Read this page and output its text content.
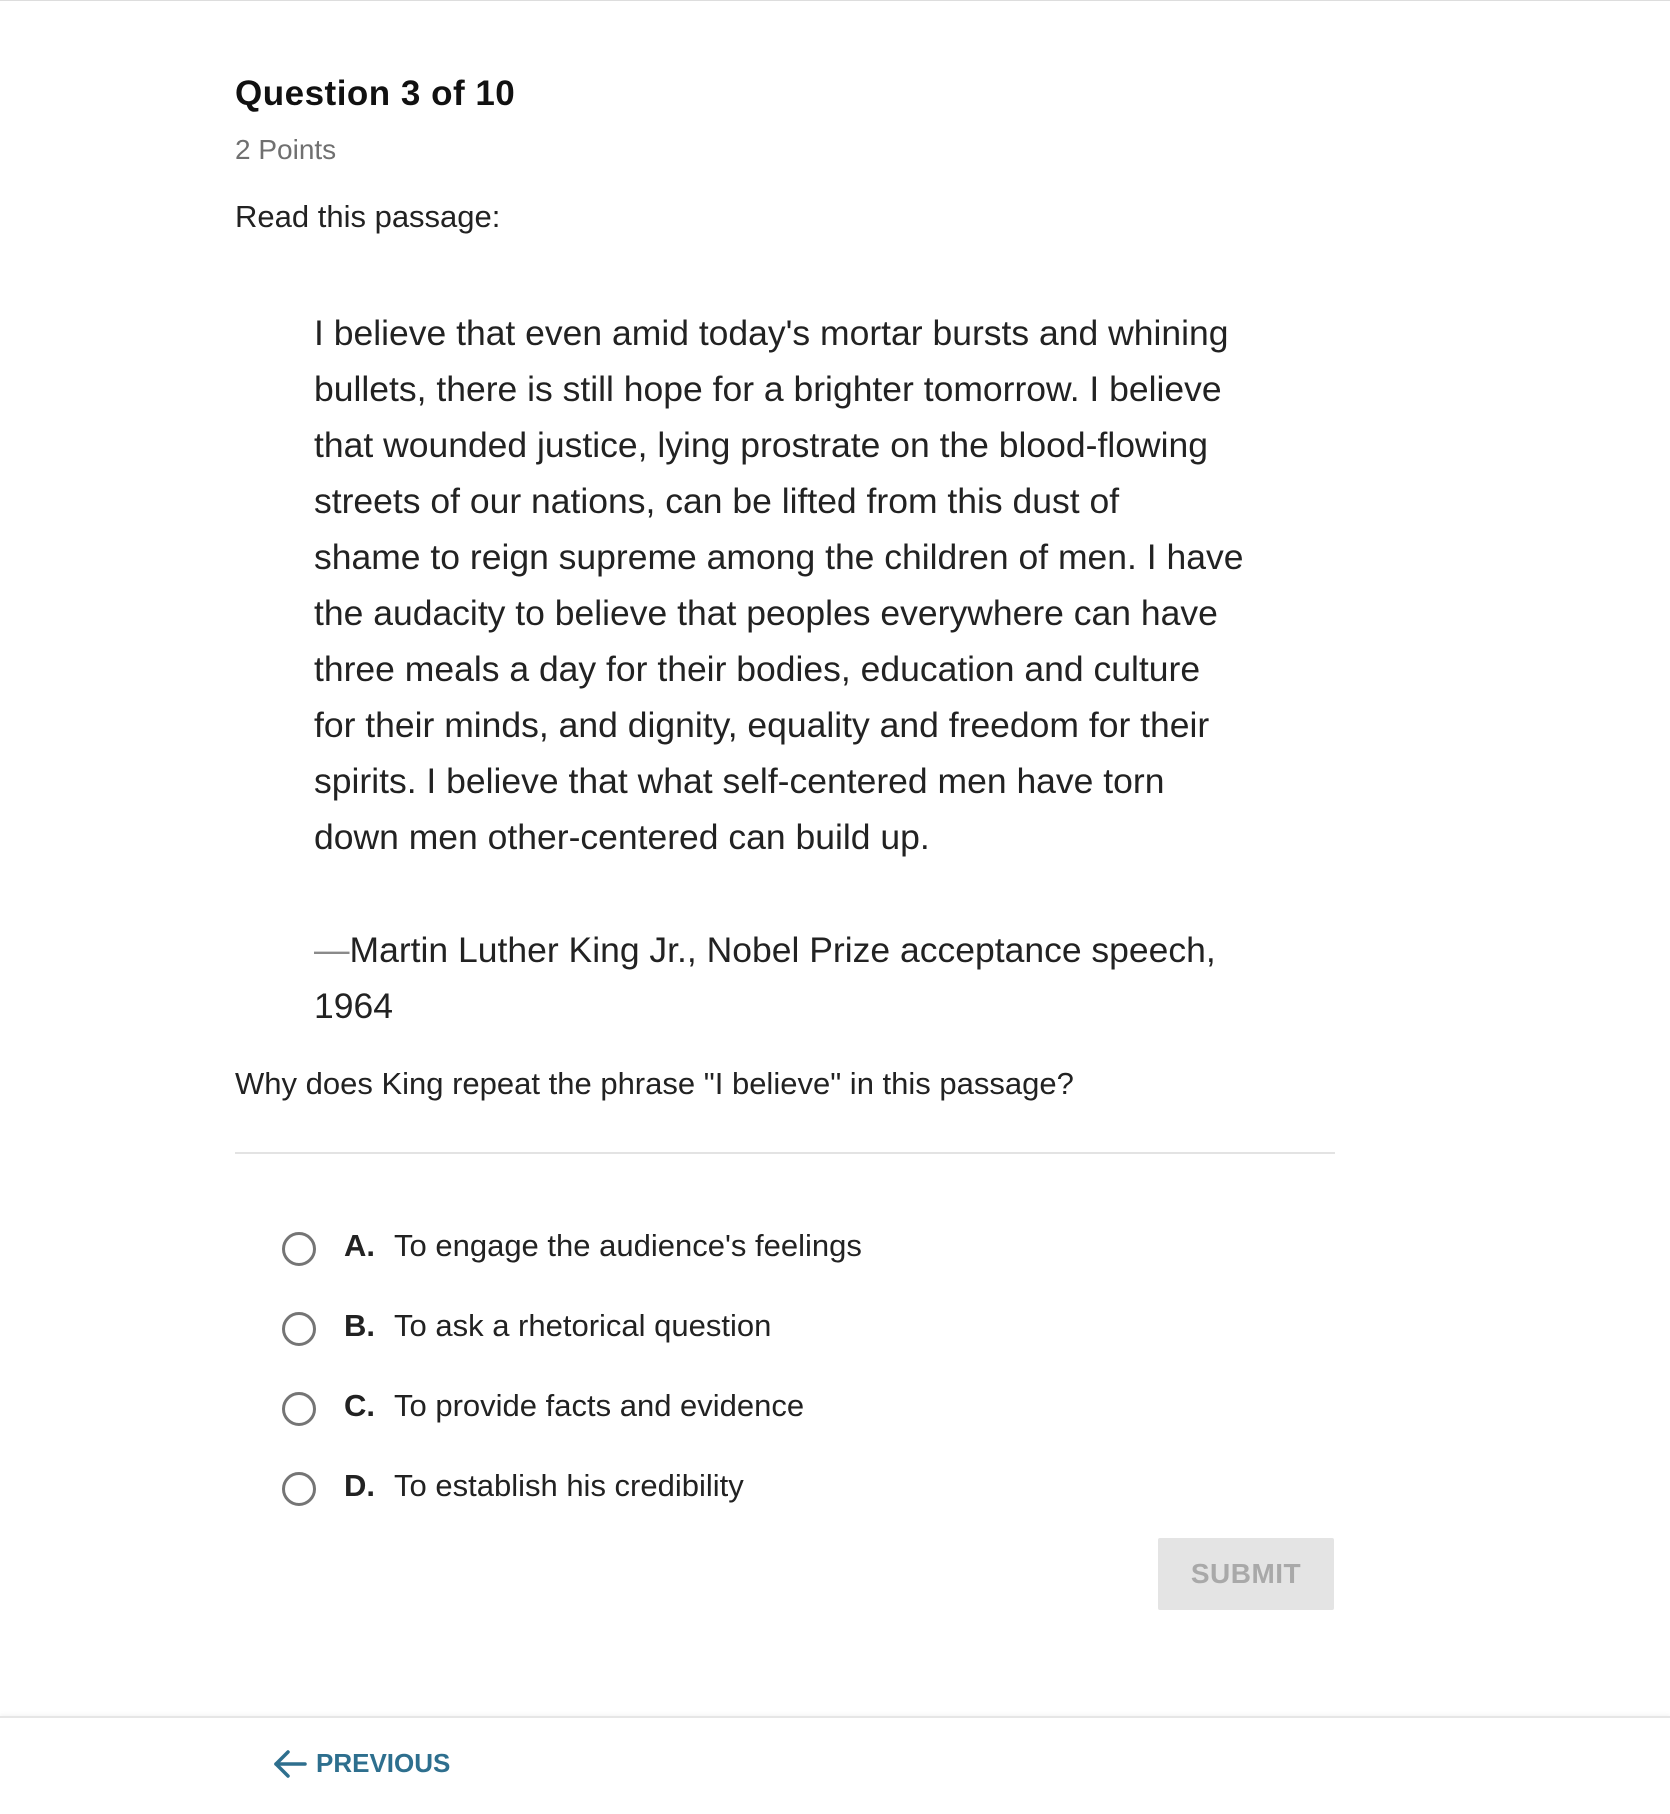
Question 3 of 10
2 Points
Read this passage:
I believe that even amid today's mortar bursts and whining
bullets, there is still hope for a brighter tomorrow. I believe
that wounded justice, lying prostrate on the blood-flowing
streets of our nations, can be lifted from this dust of
shame to reign supreme among the children of men. I have
the audacity to believe that peoples everywhere can have
three meals a day for their bodies, education and culture
for their minds, and dignity, equality and freedom for their
spirits. I believe that what self-centered men have torn
down men other-centered can build up.
—Martin Luther King Jr., Nobel Prize acceptance speech,
1964
Why does King repeat the phrase "I believe" in this passage?
A. To engage the audience's feelings
B. To ask a rhetorical question
C. To provide facts and evidence
D. To establish his credibility
SUBMIT
PREVIOUS
